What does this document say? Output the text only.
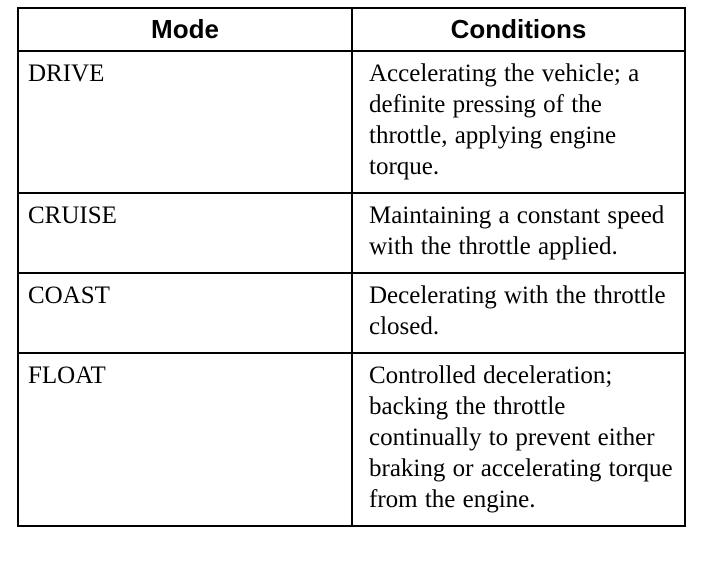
Mode	Conditions
DRIVE	Accelerating the vehicle; a definite pressing of the throttle, applying engine torque.
CRUISE	Maintaining a constant speed with the throttle applied.
COAST	Decelerating with the throttle closed.
FLOAT	Controlled deceleration; backing the throttle continually to prevent either braking or accelerating torque from the engine.
